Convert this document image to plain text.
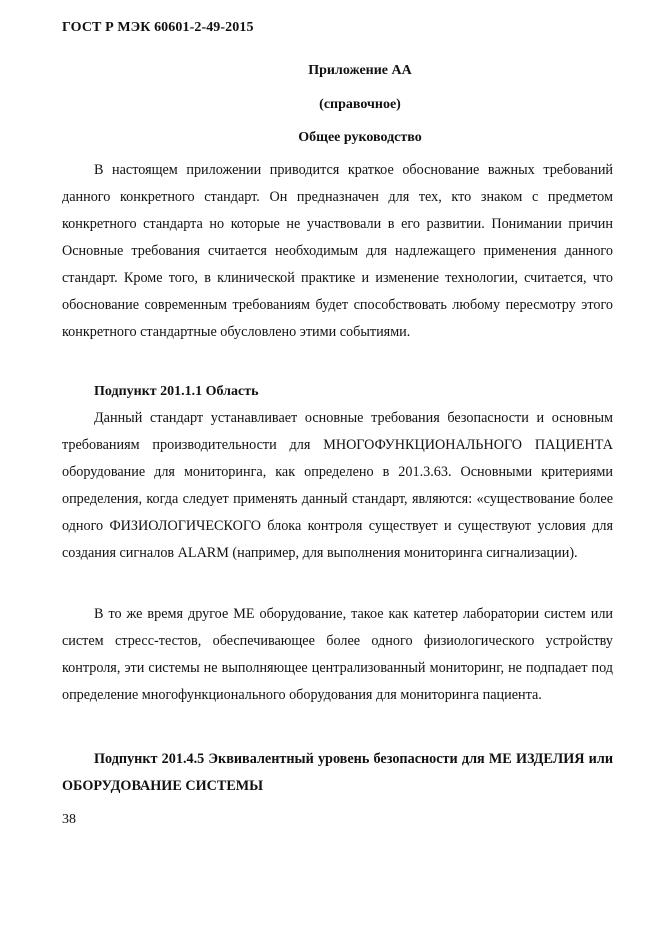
ГОСТ Р МЭК 60601-2-49-2015
Приложение АА
(справочное)
Общее руководство

В настоящем приложении приводится краткое обоснование важных требований данного конкретного стандарт. Он предназначен для тех, кто знаком с предметом конкретного стандарта но которые не участвовали в его развитии. Понимании причин Основные требования считается необходимым для надлежащего применения данного стандарт. Кроме того, в клинической практике и изменение технологии, считается, что обоснование современным требованиям будет способствовать любому пересмотру этого конкретного стандартные обусловлено этими событиями.

Подпункт 201.1.1 Область

Данный стандарт устанавливает основные требования безопасности и основным требованиям производительности для МНОГОФУНКЦИОНАЛЬНОГО ПАЦИЕНТА оборудование для мониторинга, как определено в 201.3.63. Основными критериями определения, когда следует применять данный стандарт, являются: «существование более одного ФИЗИОЛОГИЧЕСКОГО блока контроля существует и существуют условия для создания сигналов ALARM (например, для выполнения мониторинга сигнализации).

В то же время другое ME оборудование, такое как катетер лаборатории систем или систем стресс-тестов, обеспечивающее более одного физиологического устройству контроля, эти системы не выполняющее централизованный мониторинг, не подпадает под определение многофункционального оборудования для мониторинга пациента.

Подпункт 201.4.5 Эквивалентный уровень безопасности для ME ИЗДЕЛИЯ или ОБОРУДОВАНИЕ СИСТЕМЫ

38
